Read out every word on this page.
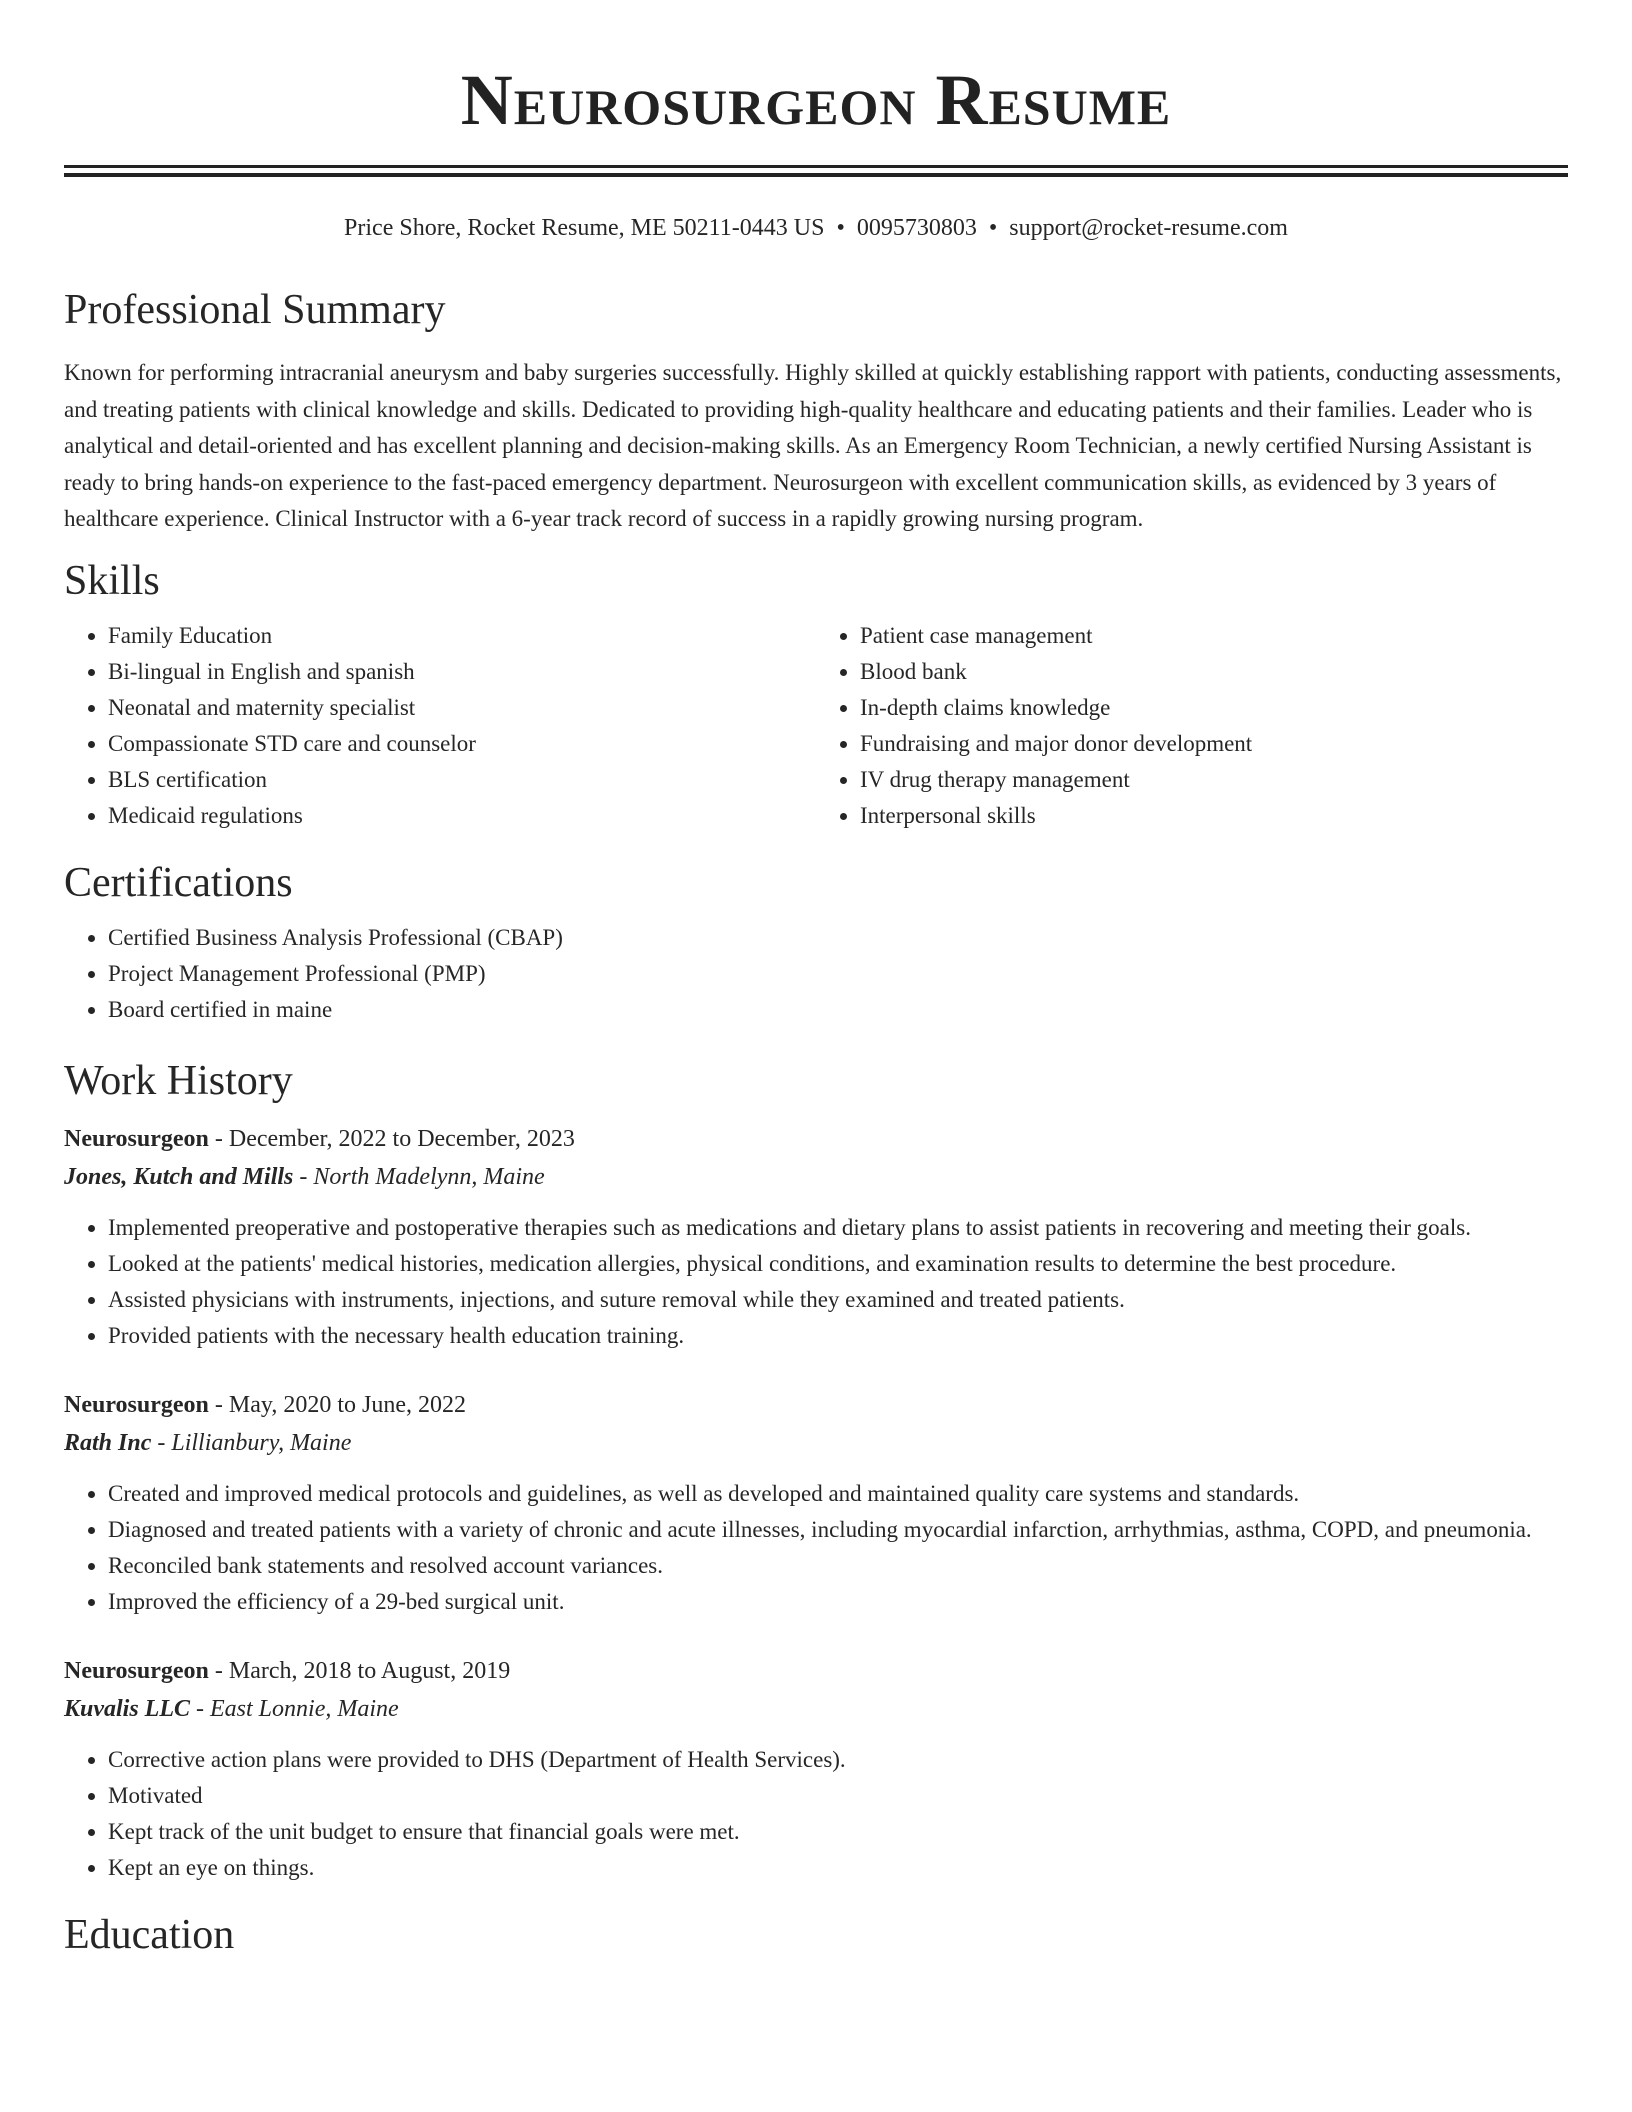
Neurosurgeon Resume
Price Shore, Rocket Resume, ME 50211-0443 US • 0095730803 • support@rocket-resume.com
Professional Summary

Known for performing intracranial aneurysm and baby surgeries successfully. Highly skilled at quickly establishing rapport with patients, conducting assessments, and treating patients with clinical knowledge and skills. Dedicated to providing high-quality healthcare and educating patients and their families. Leader who is analytical and detail-oriented and has excellent planning and decision-making skills. As an Emergency Room Technician, a newly certified Nursing Assistant is ready to bring hands-on experience to the fast-paced emergency department. Neurosurgeon with excellent communication skills, as evidenced by 3 years of healthcare experience. Clinical Instructor with a 6-year track record of success in a rapidly growing nursing program.

Skills
• Family Education
• Bi-lingual in English and spanish
• Neonatal and maternity specialist
• Compassionate STD care and counselor
• BLS certification
• Medicaid regulations
• Patient case management
• Blood bank
• In-depth claims knowledge
• Fundraising and major donor development
• IV drug therapy management
• Interpersonal skills
Certifications
• Certified Business Analysis Professional (CBAP)
• Project Management Professional (PMP)
• Board certified in maine
Work History
Neurosurgeon - December, 2022 to December, 2023
Jones, Kutch and Mills - North Madelynn, Maine
• Implemented preoperative and postoperative therapies such as medications and dietary plans to assist patients in recovering and meeting their goals.
• Looked at the patients' medical histories, medication allergies, physical conditions, and examination results to determine the best procedure.
• Assisted physicians with instruments, injections, and suture removal while they examined and treated patients.
• Provided patients with the necessary health education training.
Neurosurgeon - May, 2020 to June, 2022
Rath Inc - Lillianbury, Maine
• Created and improved medical protocols and guidelines, as well as developed and maintained quality care systems and standards.
• Diagnosed and treated patients with a variety of chronic and acute illnesses, including myocardial infarction, arrhythmias, asthma, COPD, and pneumonia.
• Reconciled bank statements and resolved account variances.
• Improved the efficiency of a 29-bed surgical unit.
Neurosurgeon - March, 2018 to August, 2019
Kuvalis LLC - East Lonnie, Maine
• Corrective action plans were provided to DHS (Department of Health Services).
• Motivated
• Kept track of the unit budget to ensure that financial goals were met.
• Kept an eye on things.
Education
